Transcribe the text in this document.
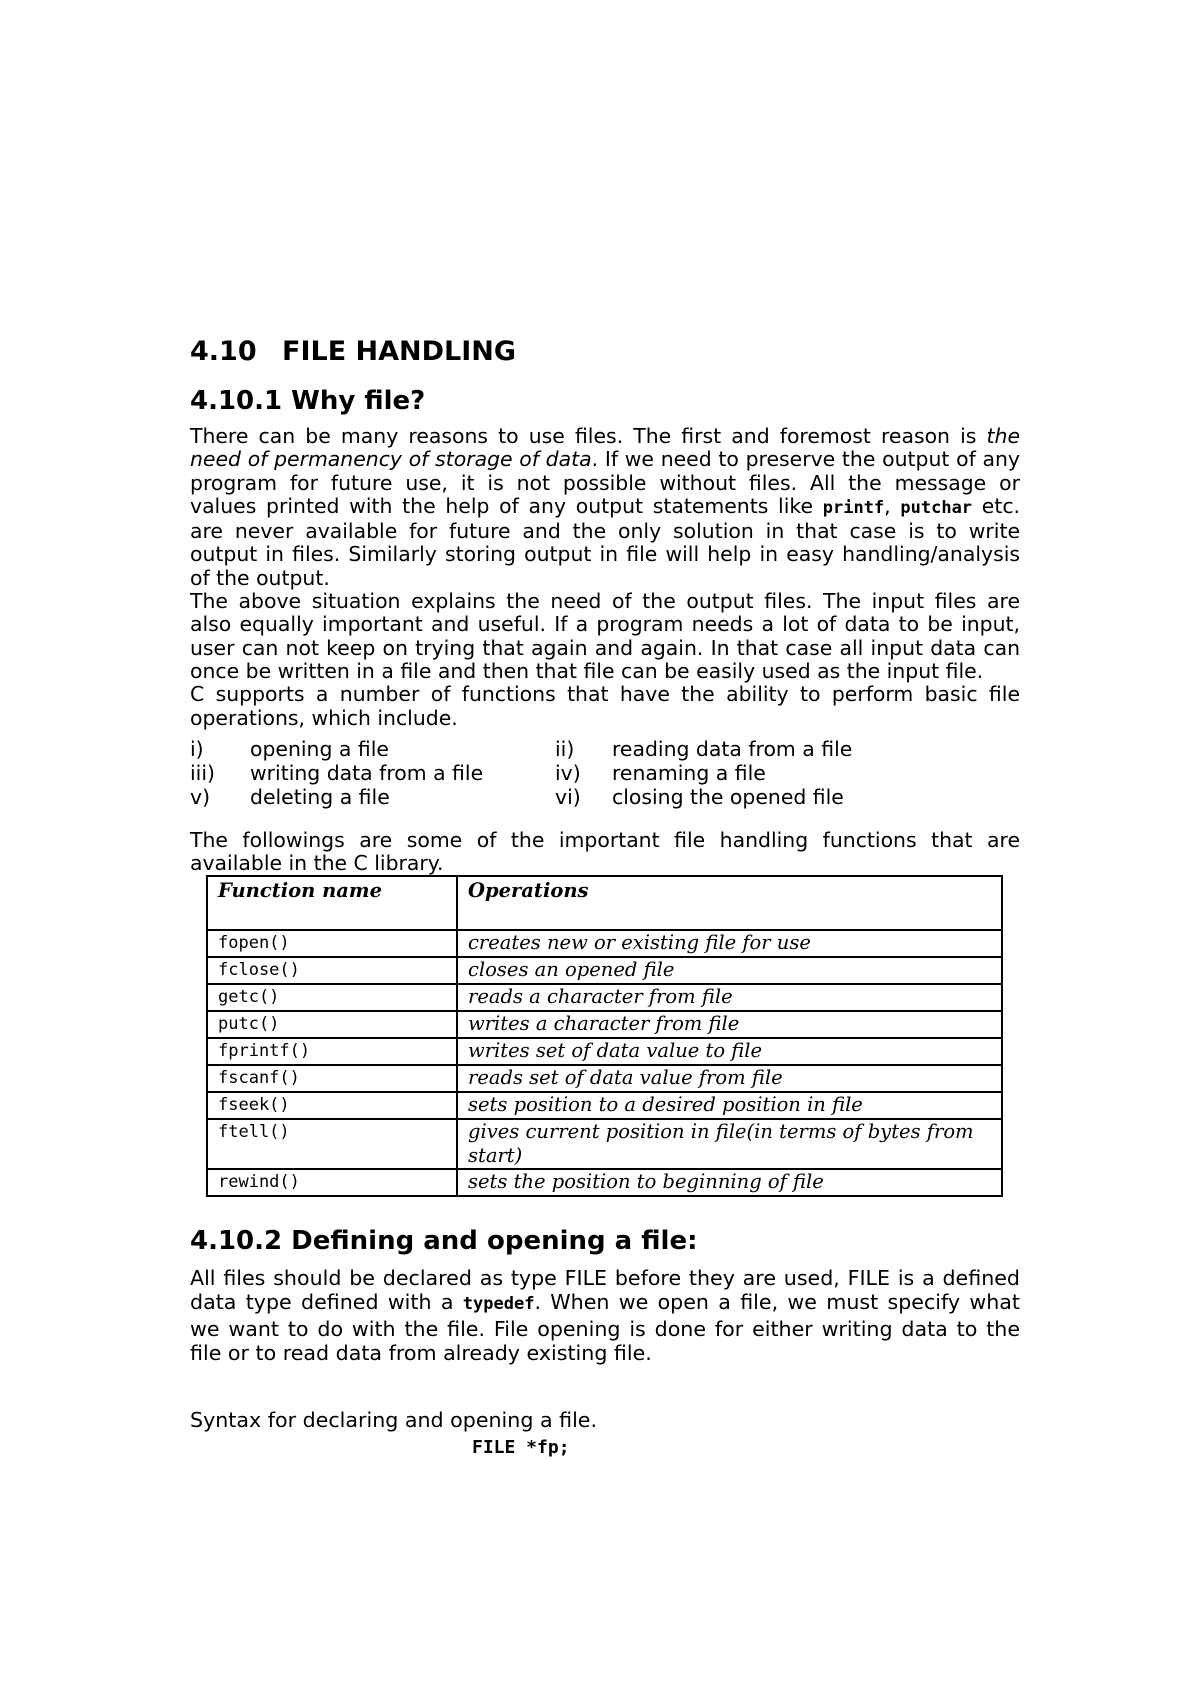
4.10 FILE HANDLING
4.10.1 Why file?
There can be many reasons to use files. The first and foremost reason is the
need of permanency of storage of data. If we need to preserve the output of any
program for future use, it is not possible without files. All the message or
values printed with the help of any output statements like printf, putchar etc.
are never available for future and the only solution in that case is to write
output in files. Similarly storing output in file will help in easy handling/analysis
of the output.
The above situation explains the need of the output files. The input files are
also equally important and useful. If a program needs a lot of data to be input,
user can not keep on trying that again and again. In that case all input data can
once be written in a file and then that file can be easily used as the input file.
C supports a number of functions that have the ability to perform basic file
operations, which include.
i) opening a file	ii) reading data from a file
iii) writing data from a file	iv) renaming a file
v) deleting a file	vi) closing the opened file
The followings are some of the important file handling functions that are
available in the C library.
Function name	Operations
fopen()	creates new or existing file for use
fclose()	closes an opened file
getc()	reads a character from file
putc()	writes a character from file
fprintf()	writes set of data value to file
fscanf()	reads set of data value from file
fseek()	sets position to a desired position in file
ftell()	gives current position in file(in terms of bytes from start)
rewind()	sets the position to beginning of file
4.10.2 Defining and opening a file:
All files should be declared as type FILE before they are used, FILE is a defined
data type defined with a typedef. When we open a file, we must specify what
we want to do with the file. File opening is done for either writing data to the
file or to read data from already existing file.

Syntax for declaring and opening a file.

FILE *fp;
